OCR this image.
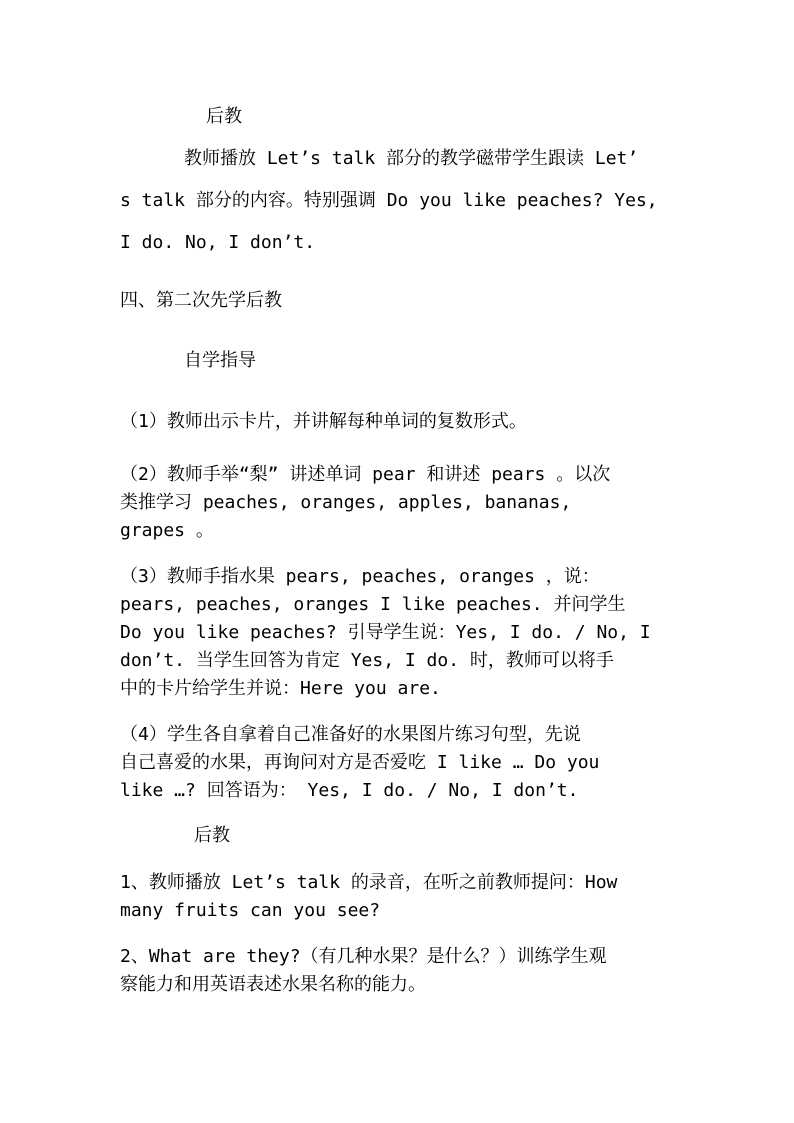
后教
教师播放 Let’s talk 部分的教学磁带学生跟读 Let’
s talk 部分的内容。特别强调 Do you like peaches? Yes,
I do. No, I don’t.
四、第二次先学后教
自学指导
（1）教师出示卡片，并讲解每种单词的复数形式。
（2）教师手举“梨” 讲述单词 pear 和讲述 pears 。以次
类推学习 peaches, oranges, apples, bananas,
grapes 。
（3）教师手指水果 pears, peaches, oranges ，说：
pears, peaches, oranges I like peaches. 并问学生
Do you like peaches? 引导学生说：Yes, I do. / No, I
don’t. 当学生回答为肯定 Yes, I do. 时，教师可以将手
中的卡片给学生并说：Here you are.
（4）学生各自拿着自己准备好的水果图片练习句型，先说
自己喜爱的水果，再询问对方是否爱吃 I like … Do you
like …? 回答语为： Yes, I do. / No, I don’t.
后教
1、教师播放 Let’s talk 的录音，在听之前教师提问：How
many fruits can you see?
2、What are they?（有几种水果？是什么？）训练学生观
察能力和用英语表述水果名称的能力。
